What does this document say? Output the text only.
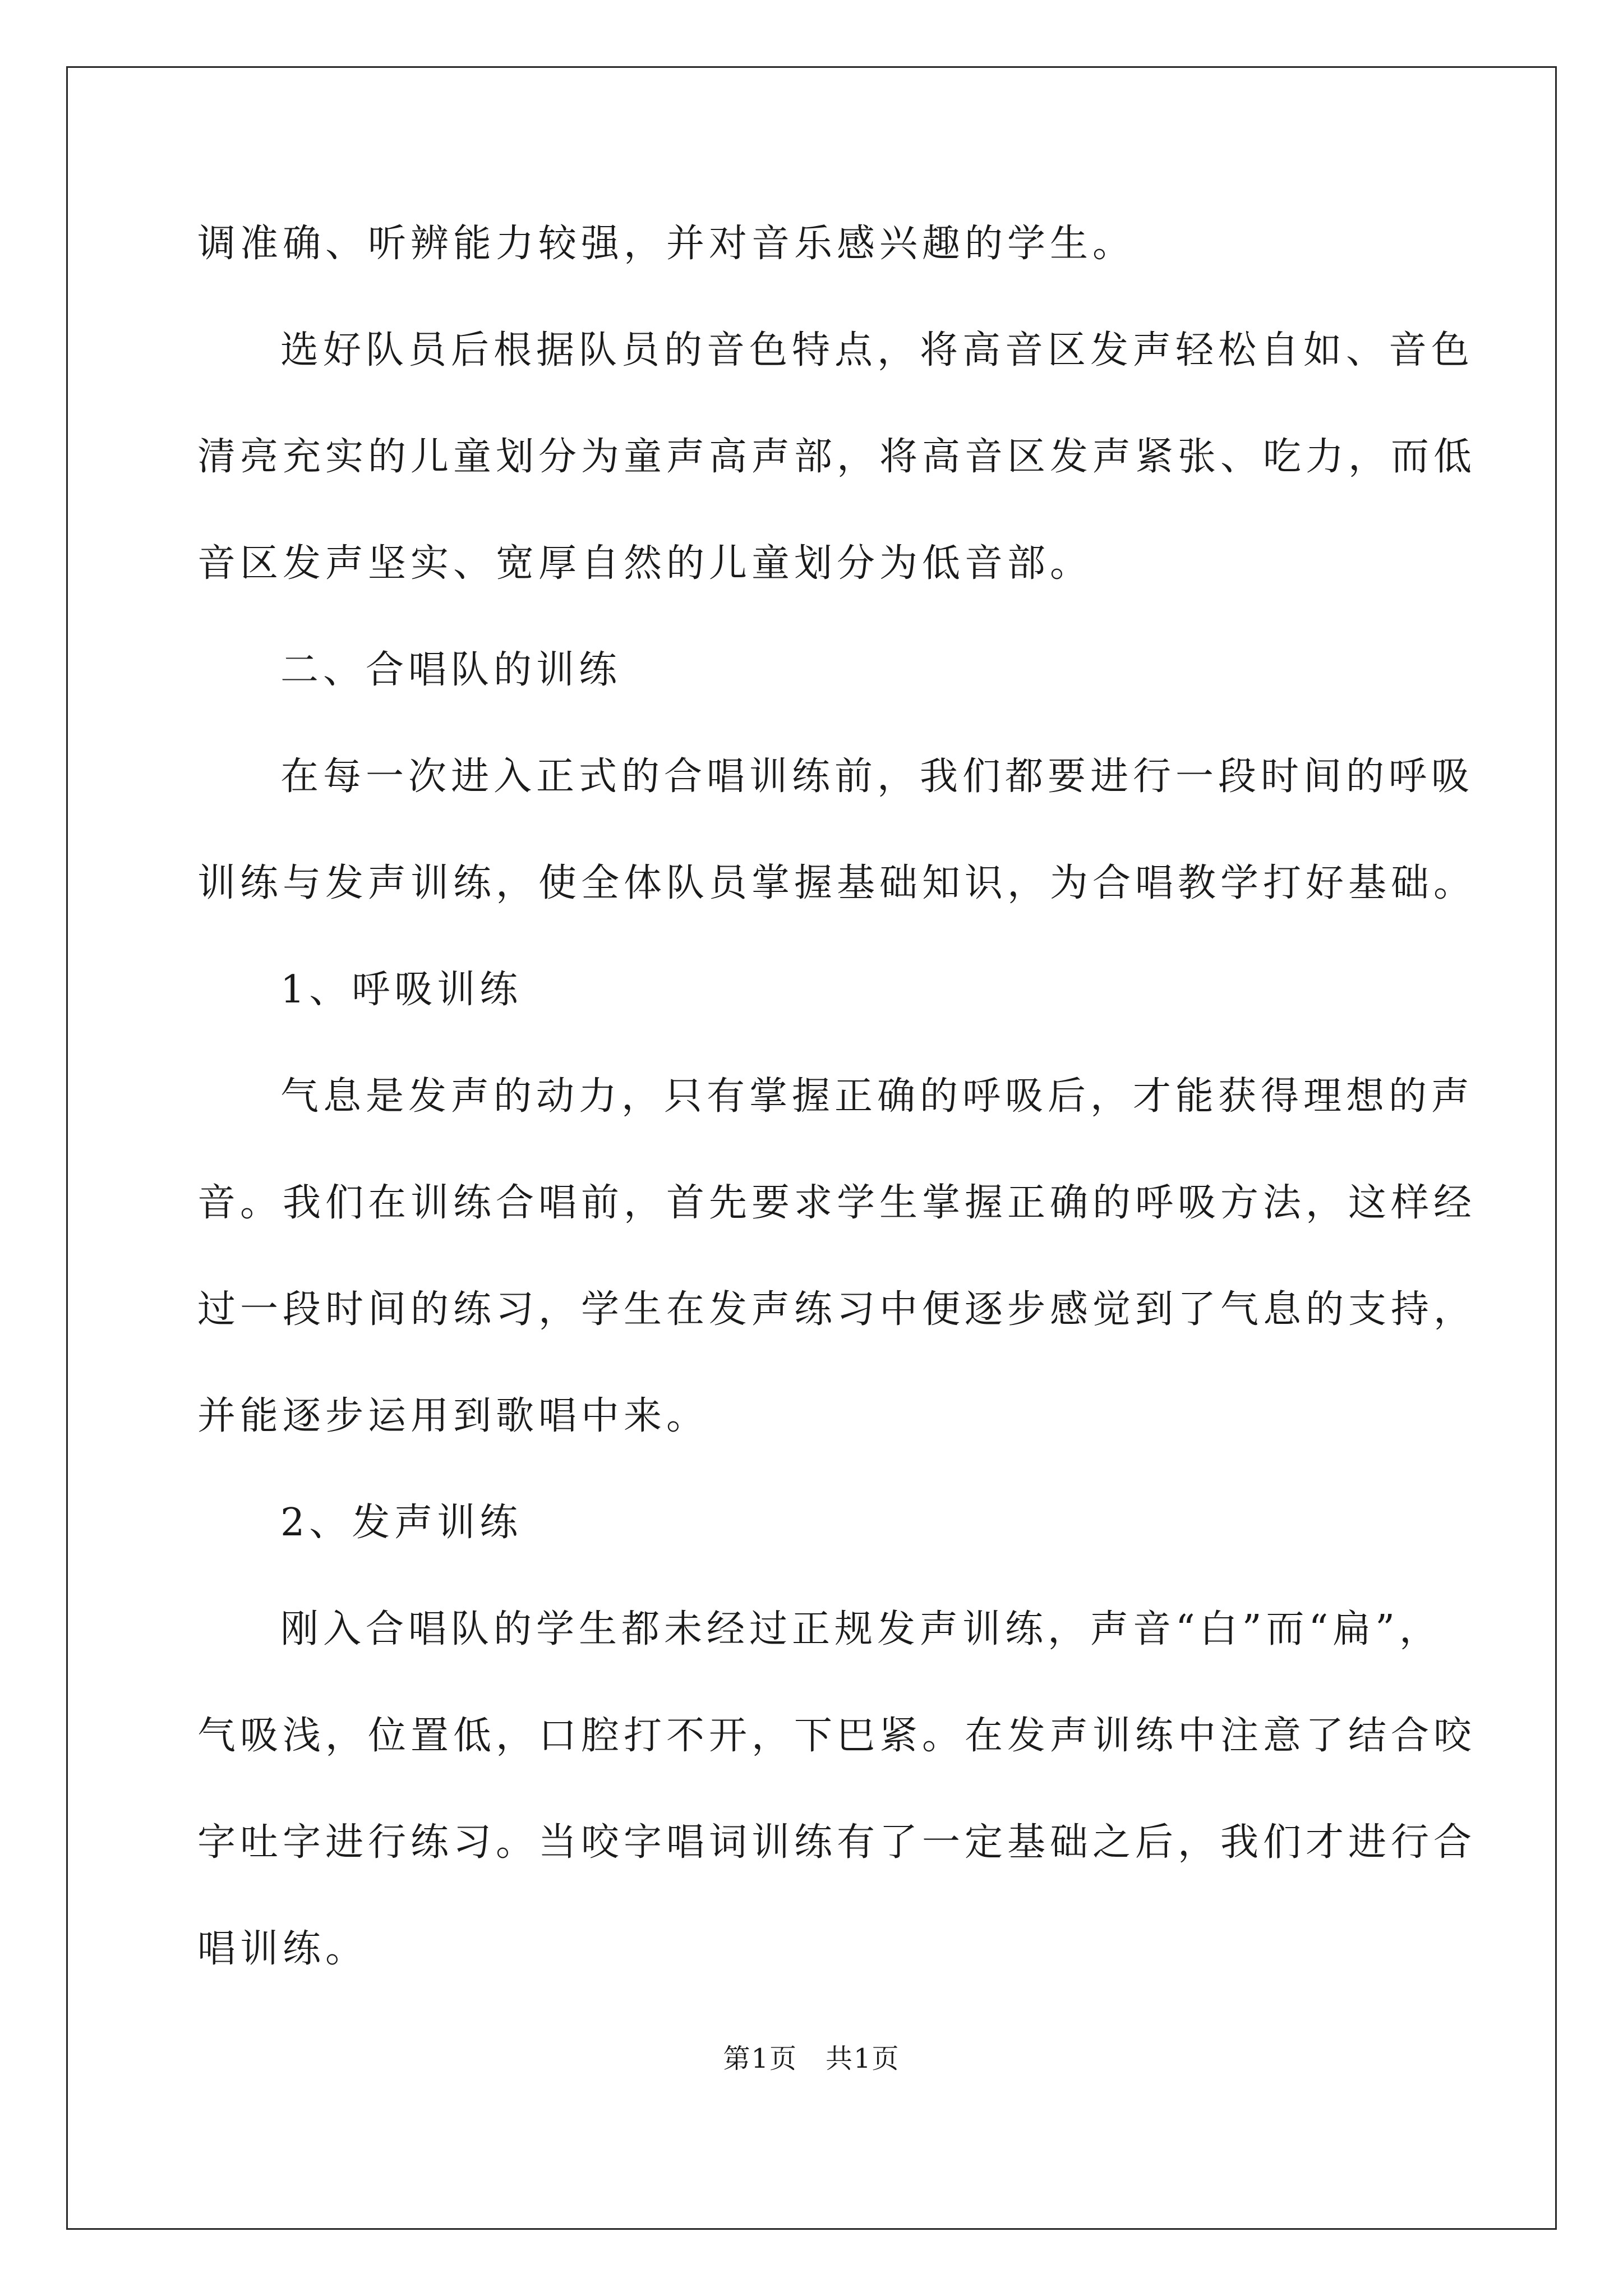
调准确、听辨能力较强，并对音乐感兴趣的学生。
选好队员后根据队员的音色特点，将高音区发声轻松自如、音色
清亮充实的儿童划分为童声高声部，将高音区发声紧张、吃力，而低
音区发声坚实、宽厚自然的儿童划分为低音部。
二、合唱队的训练
在每一次进入正式的合唱训练前，我们都要进行一段时间的呼吸
训练与发声训练，使全体队员掌握基础知识，为合唱教学打好基础。
1、呼吸训练
气息是发声的动力，只有掌握正确的呼吸后，才能获得理想的声
音。我们在训练合唱前，首先要求学生掌握正确的呼吸方法，这样经
过一段时间的练习，学生在发声练习中便逐步感觉到了气息的支持，
并能逐步运用到歌唱中来。
2、发声训练
刚入合唱队的学生都未经过正规发声训练，声音“白”而“扁”，
气吸浅，位置低，口腔打不开，下巴紧。在发声训练中注意了结合咬
字吐字进行练习。当咬字唱词训练有了一定基础之后，我们才进行合
唱训练。
第1页　共1页
